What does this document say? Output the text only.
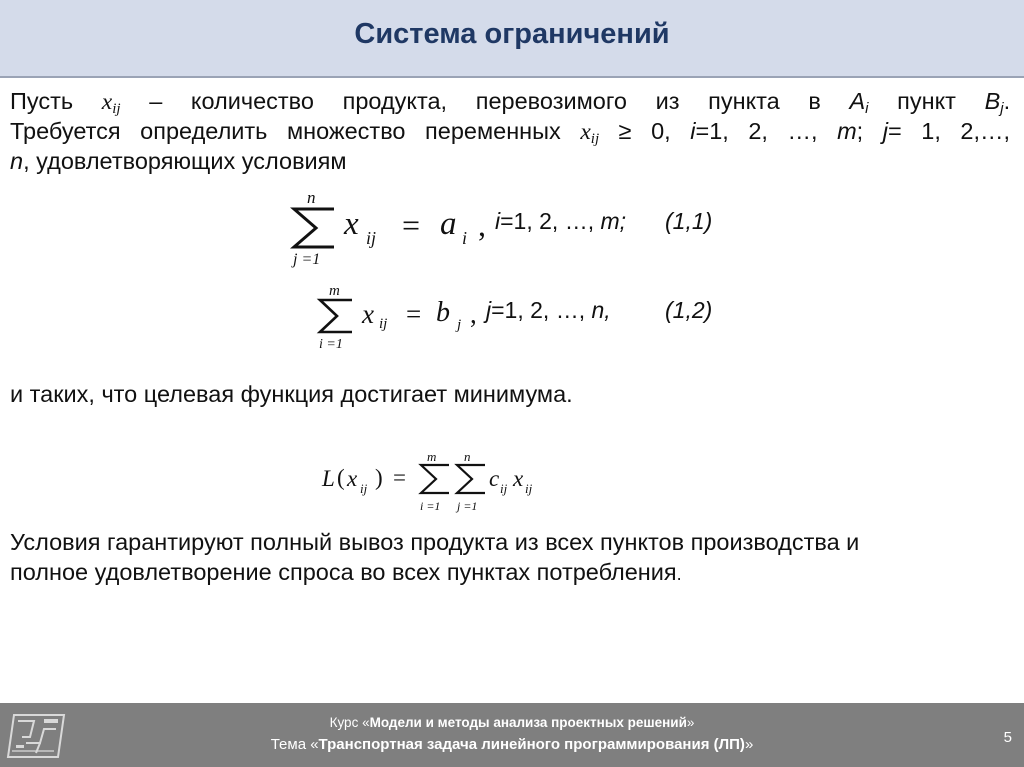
Система ограничений
Пусть $x_{ij}$ – количество продукта, перевозимого из пункта в $A_i$ пункт $B_j$.
Требуется определить множество переменных $x_{ij} \ge 0$, i=1, 2, …, m; j= 1, 2,…,
n, удовлетворяющих условиям
n
j =1
x ij = a i , i=1, 2, …, m; (1,1)
m
i =1
x ij = b j , j=1, 2, …, n, (1,2)
и таких, что целевая функция достигает минимума.
L ( x ij ) =
m
i =1
n
j =1
c ij x ij
Условия гарантируют полный вывоз продукта из всех пунктов производства и
полное удовлетворение спроса во всех пунктах потребления.
Курс «Модели и методы анализа проектных решений»
Тема «Транспортная задача линейного программирования (ЛП)»	5
